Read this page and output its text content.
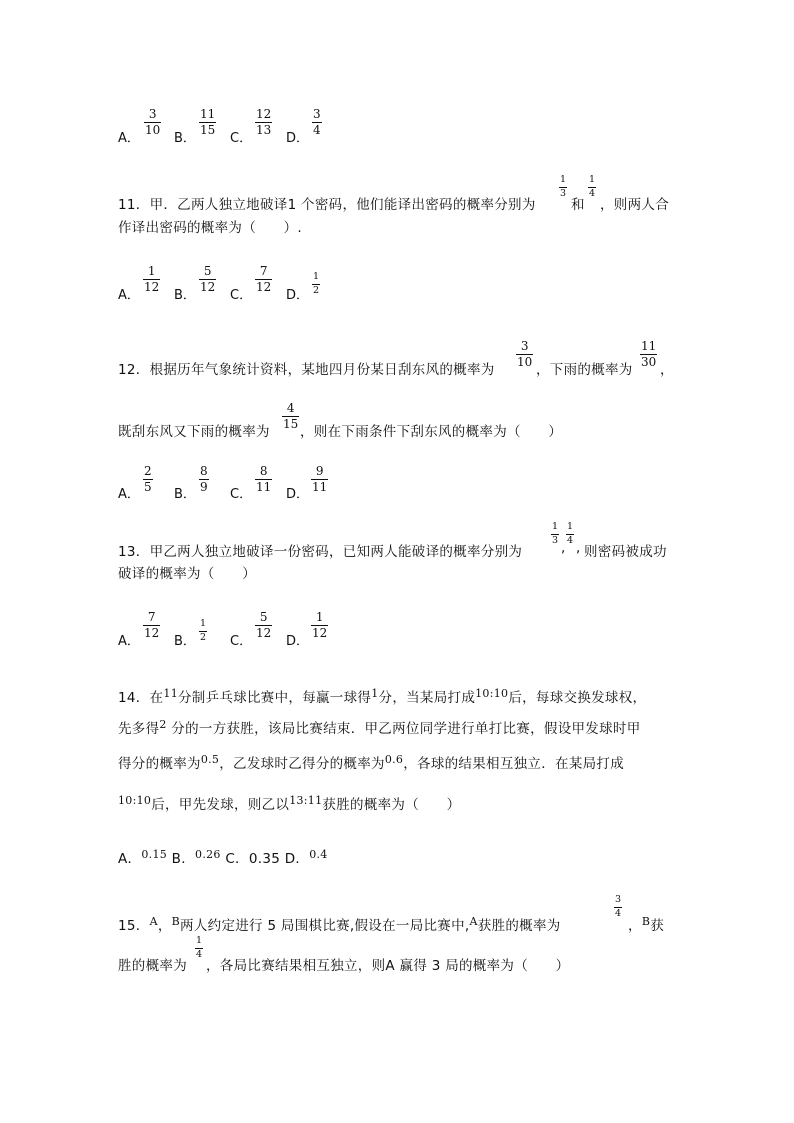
A．
3
10
B．
11
15
C．
12
13
D．
3
4
11．甲．乙两人独立地破译1 个密码，他们能译出密码的概率分别为
1
3
和
1
4
，则两人合
作译出密码的概率为（　　）.
A．
1
12
B．
5
12
C．
7
12
D．
1
2
12．根据历年气象统计资料，某地四月份某日刮东风的概率为
3
10 ，下雨的概率为
11
30 ，
既刮东风又下雨的概率为
4
15 ，则在下雨条件下刮东风的概率为（　　）
A．
2
5 B．
8
9 C．
8
11 D．
9
11
13．甲乙两人独立地破译一份密码，已知两人能破译的概率分别为
1
3 ,
1
4 , 则密码被成功
破译的概率为（　　）
A．
7
12
B．
1
2 C．
5
12
D．
1
12
14．在$^{11}$分制乒乓球比赛中，每赢一球得$^1$分，当某局打成$^{10:10}$后，每球交换发球权，
先多得$^2$ 分的一方获胜，该局比赛结束．甲乙两位同学进行单打比赛，假设甲发球时甲
得分的概率为$^{0.5}$，乙发球时乙得分的概率为$^{0.6}$，各球的结果相互独立．在某局打成
$^{10:10}$后，甲先发球，则乙以$^{13:11}$获胜的概率为（　　）
A．$^{0.15}$ B．$^{0.26}$ C．0.35 D．$^{0.4}$
15．$^A$，$^B$两人约定进行 5 局围棋比赛,假设在一局比赛中,$^A$获胜的概率为
3
4
，$^B$获
胜的概率为
1
4
，各局比赛结果相互独立，则A 赢得 3 局的概率为（　　）
